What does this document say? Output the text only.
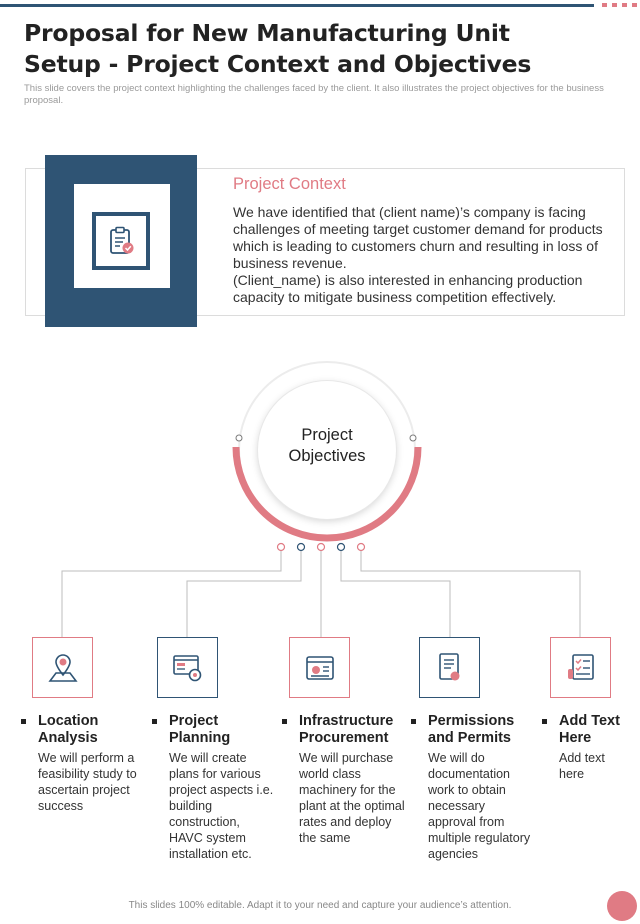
Proposal for New Manufacturing Unit Setup - Project Context and Objectives
This slide covers the project context highlighting the challenges faced by the client. It also illustrates the project objectives for the business proposal.
Project Context

We have identified that (client name)’s company is facing challenges of meeting target customer demand for products which is leading to customers churn and resulting in loss of business revenue.

(Client_name) is also interested in enhancing production capacity to mitigate business competition effectively.

Project
Objectives
Location Analysis
We will perform a feasibility study to ascertain project success
Project Planning
We will create plans for various project aspects i.e. building construction, HAVC system installation etc.
Infrastructure Procurement
We will purchase world class machinery for the plant at the optimal rates and deploy the same
Permissions and Permits
We will do documentation work to obtain necessary approval from multiple regulatory agencies
Add Text Here
Add text here
This slides 100% editable. Adapt it to your need and capture your audience’s attention.
